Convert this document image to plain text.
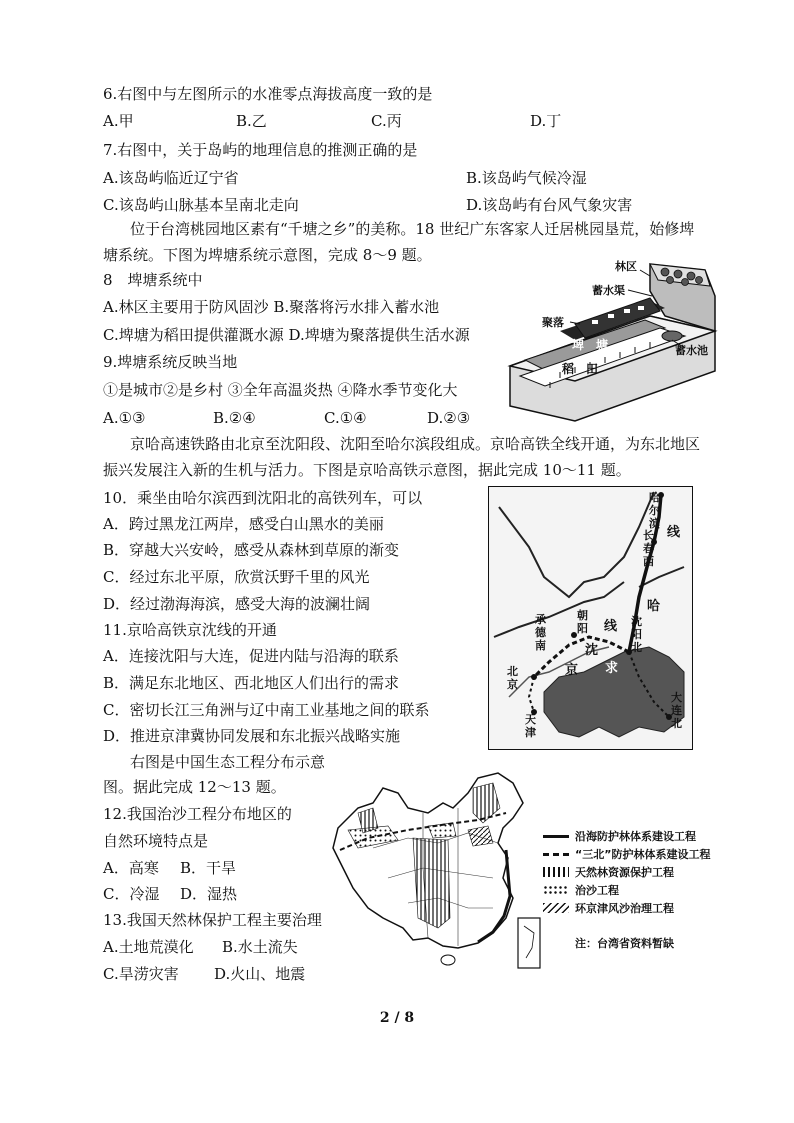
6.右图中与左图所示的水准零点海拔高度一致的是
A.甲	B.乙	C.丙	D.丁
7.右图中，关于岛屿的地理信息的推测正确的是
A.该岛屿临近辽宁省	B.该岛屿气候冷湿
C.该岛屿山脉基本呈南北走向	D.该岛屿有台风气象灾害
位于台湾桃园地区素有“千塘之乡”的美称。18 世纪广东客家人迁居桃园垦荒，始修埤
塘系统。下图为埤塘系统示意图，完成 8～9 题。
8　埤塘系统中
A.林区主要用于防风固沙 B.聚落将污水排入蓄水池
C.埤塘为稻田提供灌溉水源 D.埤塘为聚落提供生活水源
9.埤塘系统反映当地
①是城市②是乡村 ③全年高温炎热 ④降水季节变化大
A.①③	B.②④	C.①④	D.②③
林区
蓄水渠
聚落
埤　塘
稻　田
蓄水池
京哈高速铁路由北京至沈阳段、沈阳至哈尔滨段组成。京哈高铁全线开通，为东北地区
振兴发展注入新的生机与活力。下图是京哈高铁示意图，据此完成 10～11 题。
10．乘坐由哈尔滨西到沈阳北的高铁列车，可以
A．跨过黑龙江两岸，感受白山黑水的美丽
B．穿越大兴安岭，感受从森林到草原的渐变
C．经过东北平原，欣赏沃野千里的风光
D．经过渤海海滨，感受大海的波澜壮阔
11.京哈高铁京沈线的开通
A．连接沈阳与大连，促进内陆与沿海的联系
B．满足东北地区、西北地区人们出行的需求
C．密切长江三角洲与辽中南工业基地之间的联系
D．推进京津冀协同发展和东北振兴战略实施
哈尔滨
线
长春西
哈
沈阳北
朝阳 线
承德南
京
沈
求
北京
天津
大连北
右图是中国生态工程分布示意
图。据此完成 12～13 题。
12.我国治沙工程分布地区的
自然环境特点是
A．高寒 B．干旱
C．冷湿 D．湿热
13.我国天然林保护工程主要治理
A.土地荒漠化 B.水土流失
C.旱涝灾害 D.火山、地震
沿海防护林体系建设工程
“三北”防护林体系建设工程
天然林资源保护工程
治沙工程
环京津风沙治理工程
注：台湾省资料暂缺
2 / 8
